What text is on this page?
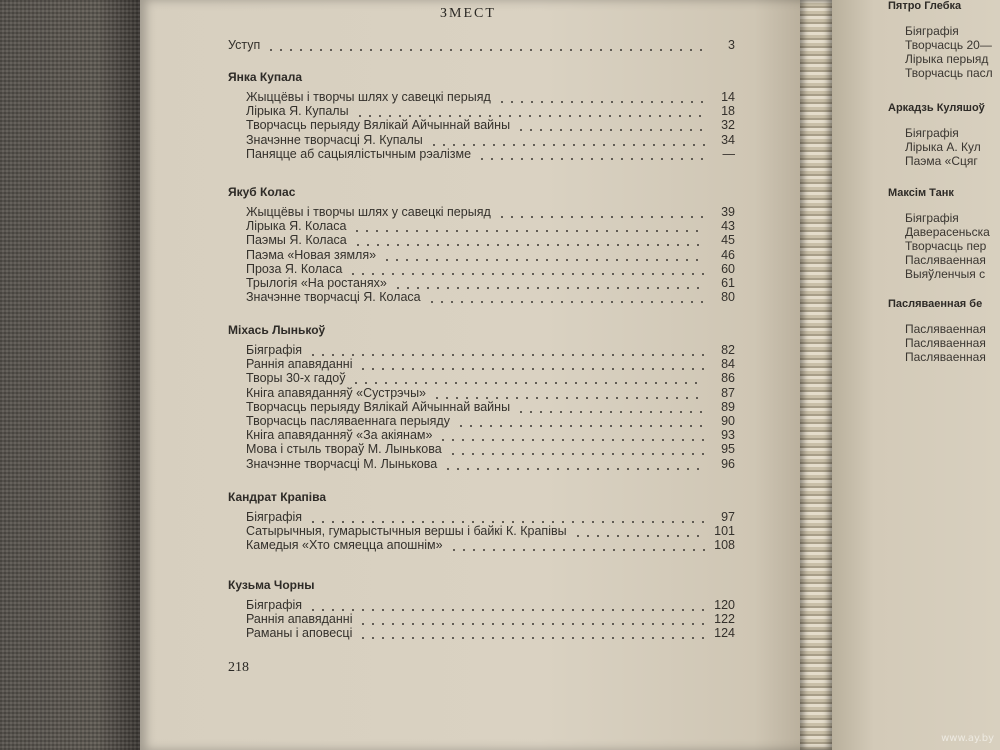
ЗМЕСТ
218
Уступ	3
Янка Купала
Жыццёвы і творчы шлях у савецкі перыяд	14
Лірыка Я. Купалы	18
Творчасць перыяду Вялікай Айчыннай вайны	32
Значэнне творчасці Я. Купалы	34
Паняцце аб сацыялістычным рэалізме	—
Якуб Колас
Жыццёвы і творчы шлях у савецкі перыяд	39
Лірыка Я. Коласа	43
Паэмы Я. Коласа	45
Паэма «Новая зямля»	46
Проза Я. Коласа	60
Трылогія «На ростанях»	61
Значэнне творчасці Я. Коласа	80
Міхась Лынькоў
Біяграфія	82
Раннія апавяданні	84
Творы 30-х гадоў	86
Кніга апавяданняў «Сустрэчы»	87
Творчасць перыяду Вялікай Айчыннай вайны	89
Творчасць пасляваеннага перыяду	90
Кніга апавяданняў «За акіянам»	93
Мова і стыль твораў М. Лынькова	95
Значэнне творчасці М. Лынькова	96
Кандрат Крапіва
Біяграфія	97
Сатырычныя, гумарыстычныя вершы і байкі К. Крапівы	101
Камедыя «Хто смяецца апошнім»	108
Кузьма Чорны
Біяграфія	120
Раннія апавяданні	122
Раманы і аповесці	124
Пятро Глебка
Біяграфія
Творчасць 20—
Лірыка перыяд
Творчасць пасл
Аркадзь Куляшоў
Біяграфія
Лірыка А. Кул
Паэма «Сцяг
Максім Танк
Біяграфія
Даверасеньска
Творчасць пер
Пасляваенная
Выяўленчыя с
Пасляваенная бе
Пасляваенная
Пасляваенная
Пасляваенная
www.ay.by
